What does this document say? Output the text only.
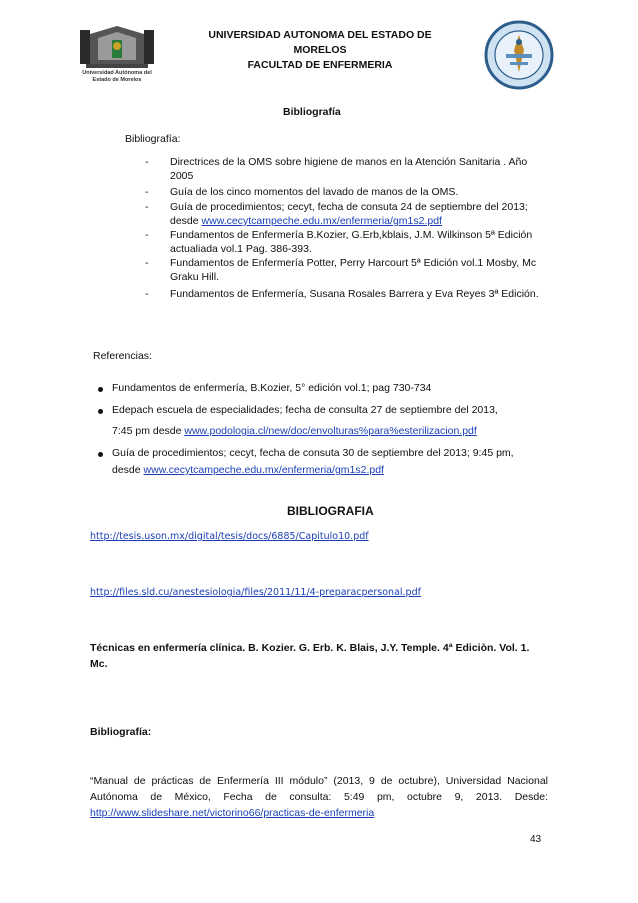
Universidad Autónoma del
Estado de Morelos
UNIVERSIDAD AUTONOMA DEL ESTADO DE
MORELOS
FACULTAD DE ENFERMERIA
Bibliografía
Bibliografía:
-	Directrices de la OMS sobre higiene de manos en la Atención Sanitaria . Año
2005
-	Guía de los cinco momentos del lavado de manos de la OMS.
-	Guía de procedimientos; cecyt, fecha de consuta 24 de septiembre del 2013;
desde www.cecytcampeche.edu.mx/enfermeria/gm1s2.pdf
-	Fundamentos de Enfermería B.Kozier, G.Erb,kblais, J.M. Wilkinson 5ª Edición
actualiada vol.1 Pag. 386-393.
-	Fundamentos de Enfermería Potter, Perry Harcourt 5ª Edición vol.1 Mosby, Mc
Graku Hill.
-	Fundamentos de Enfermería, Susana Rosales Barrera y Eva Reyes 3ª Edición.
Referencias:
Fundamentos de enfermería, B.Kozier, 5° edición vol.1; pag 730-734
Edepach escuela de especialidades; fecha de consulta 27 de septiembre del 2013,
7:45 pm desde www.podologia.cl/new/doc/envolturas%para%esterilizacion.pdf
Guía de procedimientos; cecyt, fecha de consuta 30 de septiembre del 2013; 9:45 pm,
desde www.cecytcampeche.edu.mx/enfermeria/gm1s2.pdf
BIBLIOGRAFIA
http://tesis.uson.mx/digital/tesis/docs/6885/Capitulo10.pdf
http://files.sld.cu/anestesiologia/files/2011/11/4-preparacpersonal.pdf
Técnicas en enfermería clínica. B. Kozier. G. Erb. K. Blais, J.Y. Temple. 4ª Ediciòn. Vol. 1.
Mc.
Bibliografía:
“Manual de prácticas de Enfermería III módulo” (2013, 9 de octubre), Universidad Nacional
Autónoma de México, Fecha de consulta: 5:49 pm, octubre 9, 2013. Desde:
http://www.slideshare.net/victorino66/practicas-de-enfermeria
43
